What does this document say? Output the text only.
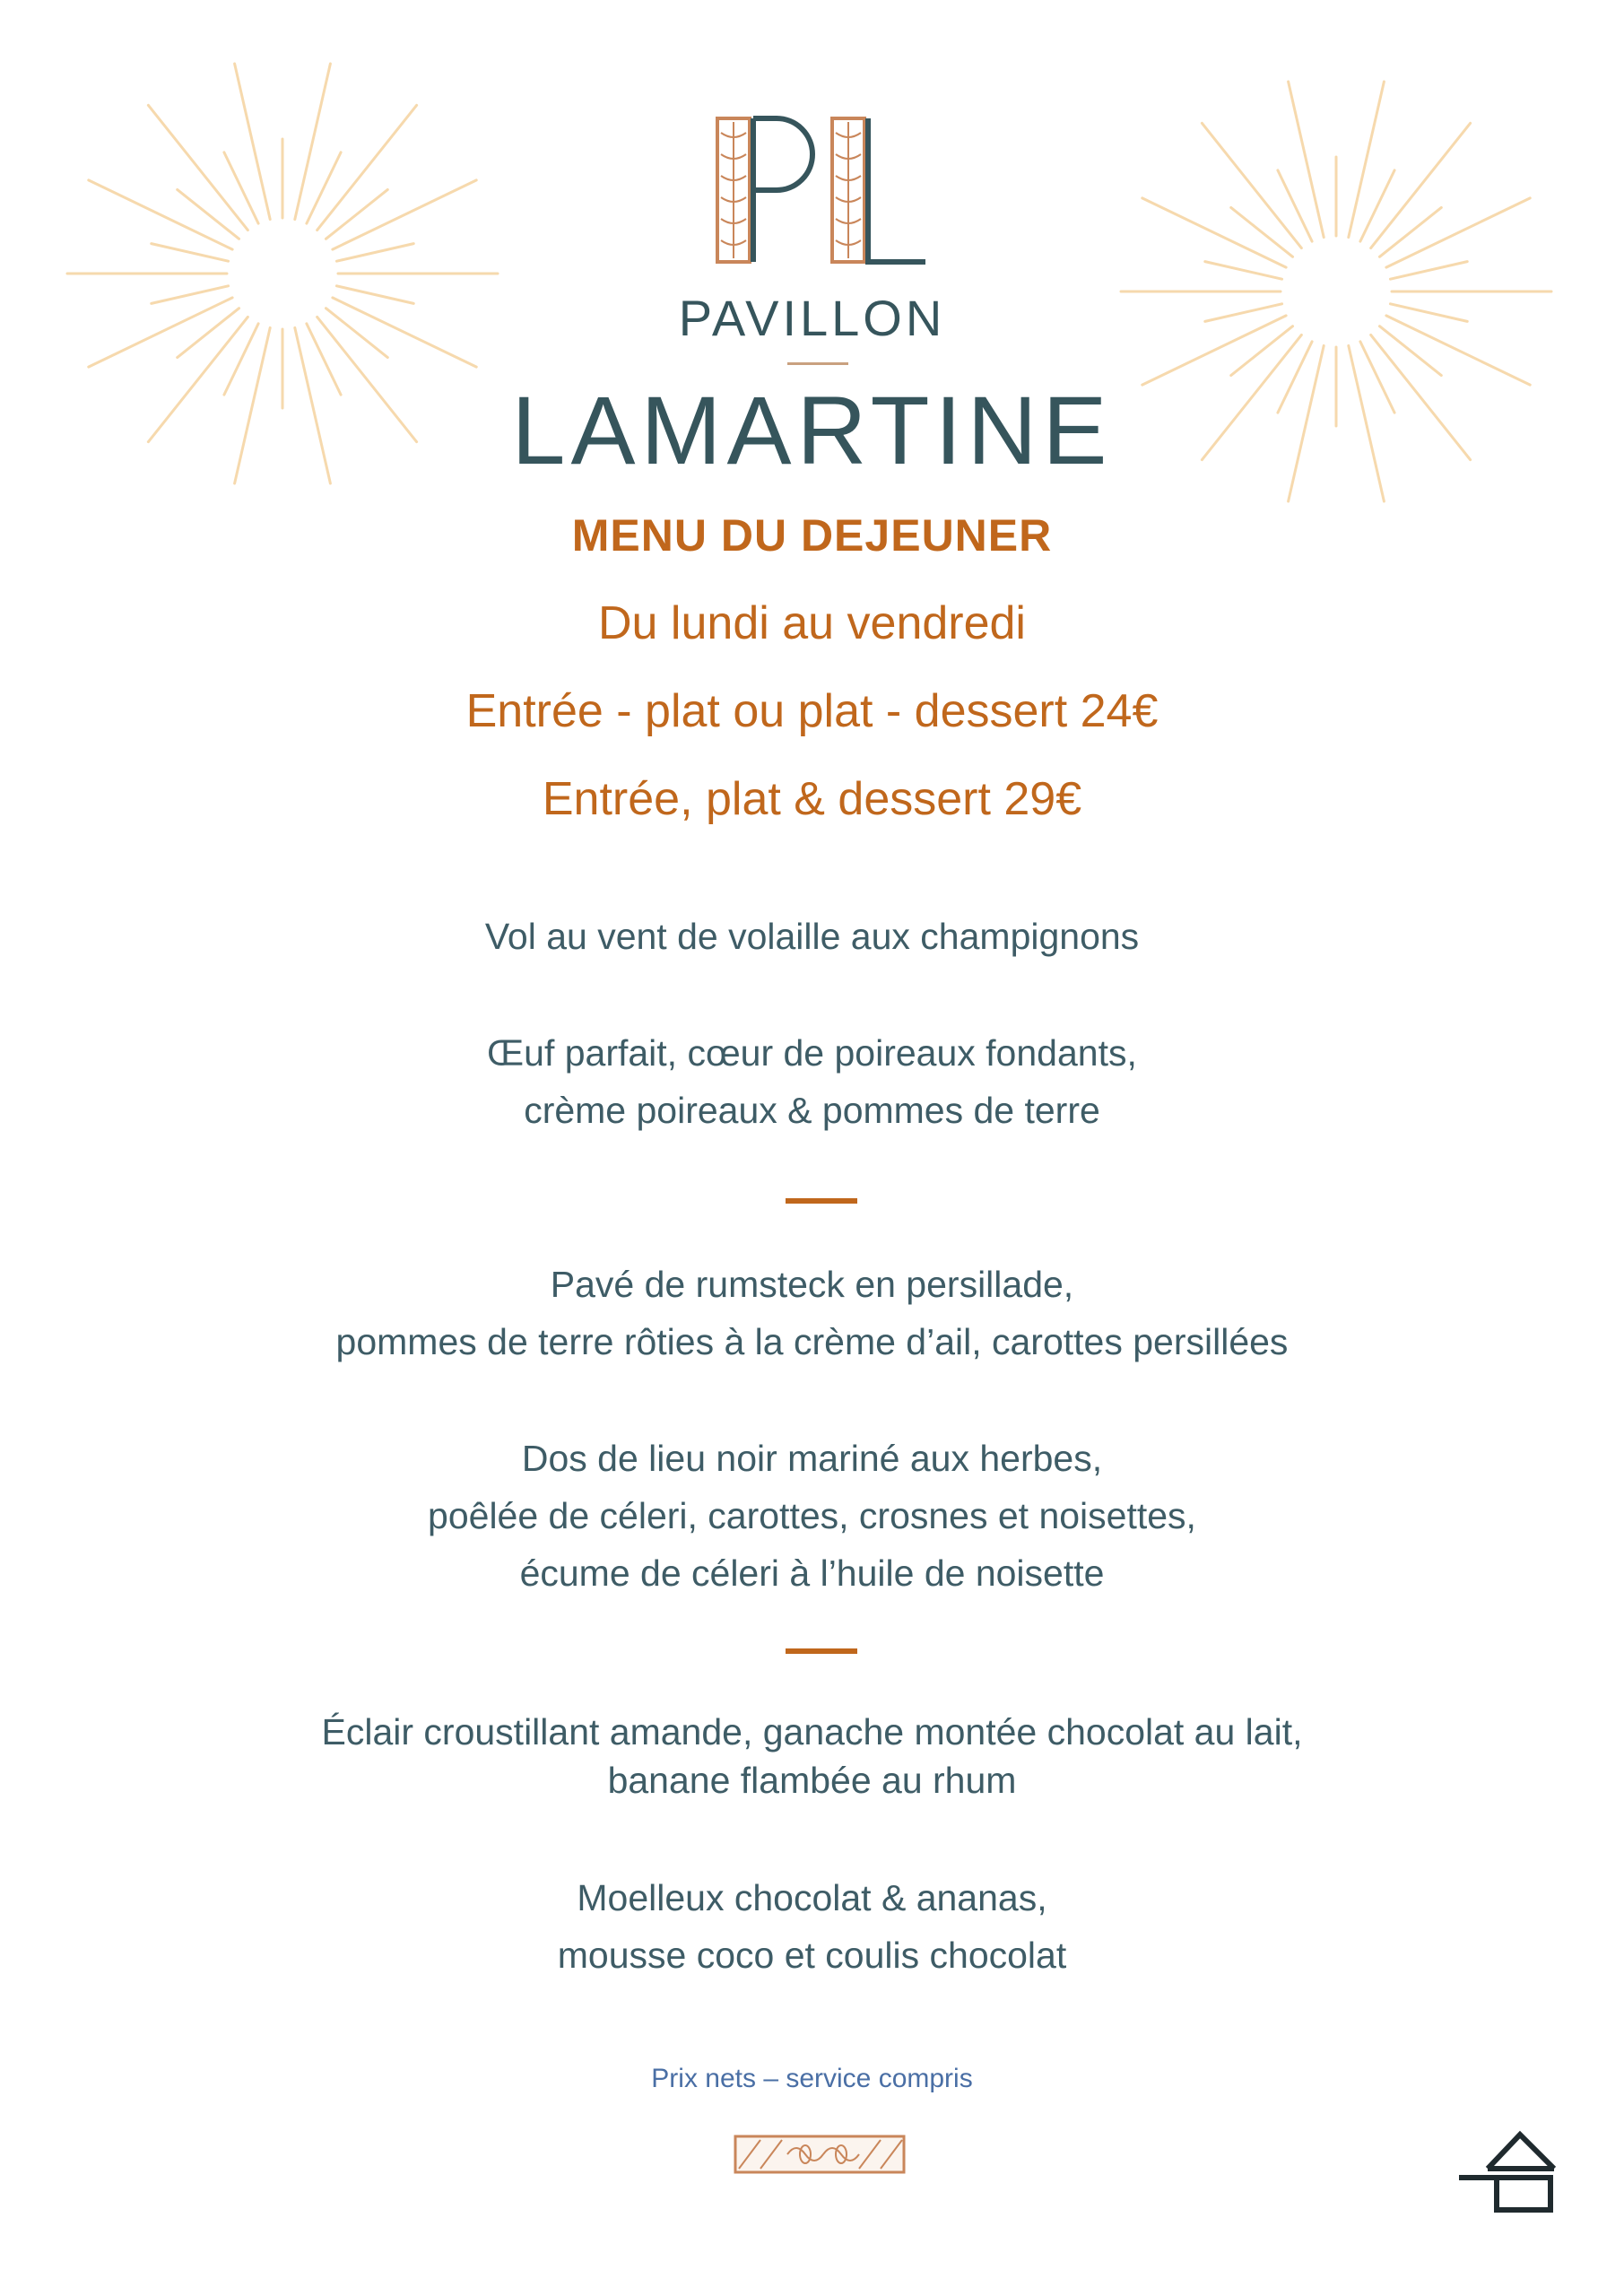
PAVILLON
LAMARTINE
MENU DU DEJEUNER
Du lundi au vendredi
Entrée - plat ou plat - dessert 24€
Entrée, plat & dessert 29€
Vol au vent de volaille aux champignons
Œuf parfait, cœur de poireaux fondants,
crème poireaux & pommes de terre
Pavé de rumsteck en persillade,
pommes de terre rôties à la crème d’ail, carottes persillées
Dos de lieu noir mariné aux herbes,
poêlée de céleri, carottes, crosnes et noisettes,
écume de céleri à l’huile de noisette
Éclair croustillant amande, ganache montée chocolat au lait,
banane flambée au rhum
Moelleux chocolat & ananas,
mousse coco et coulis chocolat
Prix nets – service compris
